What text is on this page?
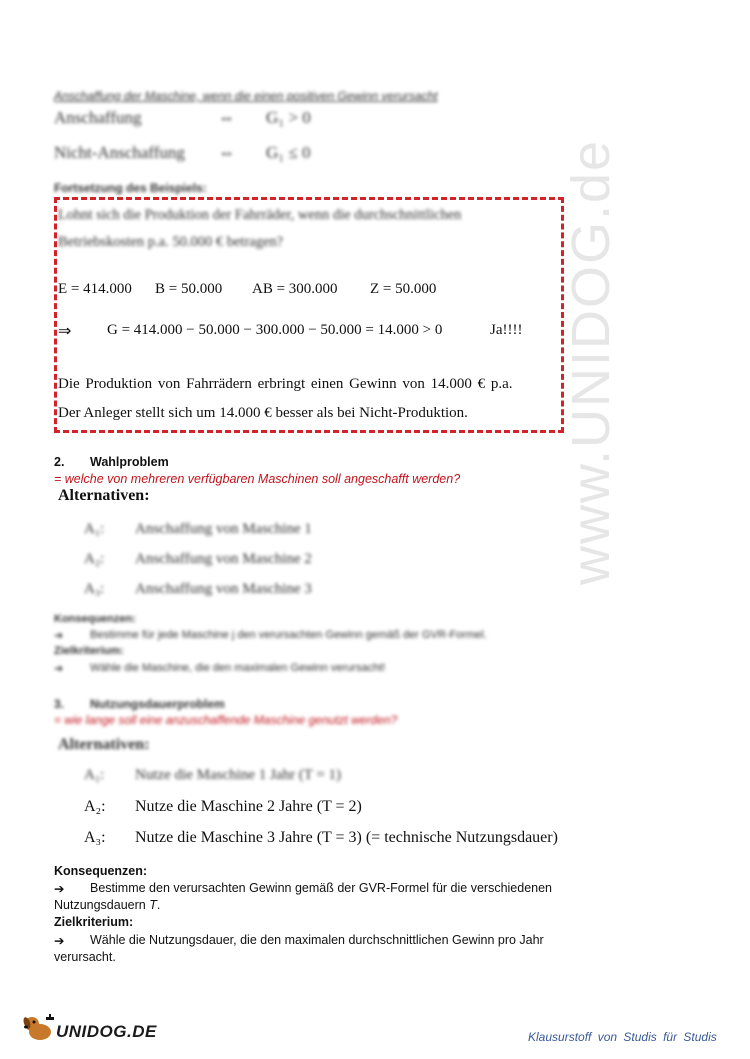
www.UNIDOG.de
Anschaffung der Maschine, wenn die einen positiven Gewinn verursacht
Anschaffung	⇔ G₁ > 0
Nicht-Anschaffung ⇔ G₁ ≤ 0
Fortsetzung des Beispiels:
Lohnt sich die Produktion der Fahrräder, wenn die durchschnittlichen
Betriebskosten p.a. 50.000 € betragen?
E = 414.000 B = 50.000 AB = 300.000 Z = 50.000
⇒ G = 414.000 − 50.000 − 300.000 − 50.000 = 14.000 > 0	Ja!!!!
Die Produktion von Fahrrädern erbringt einen Gewinn von 14.000 € p.a.
Der Anleger stellt sich um 14.000 € besser als bei Nicht-Produktion.
2. Wahlproblem
= welche von mehreren verfügbaren Maschinen soll angeschafft werden?
Alternativen:
A₁: Anschaffung von Maschine 1
A₂: Anschaffung von Maschine 2
A₃: Anschaffung von Maschine 3
Konsequenzen:
➔ Bestimme für jede Maschine j den verursachten Gewinn gemäß der GVR-Formel.
Zielkriterium:
➔ Wähle die Maschine, die den maximalen Gewinn verursacht!
3. Nutzungsdauerproblem
= wie lange soll eine anzuschaffende Maschine genutzt werden?
Alternativen:
A₁: Nutze die Maschine 1 Jahr (T = 1)
A₂: Nutze die Maschine 2 Jahre (T = 2)
A₃: Nutze die Maschine 3 Jahre (T = 3) (= technische Nutzungsdauer)
Konsequenzen:
➔ Bestimme den verursachten Gewinn gemäß der GVR-Formel für die verschiedenen
Nutzungsdauern T.
Zielkriterium:
➔ Wähle die Nutzungsdauer, die den maximalen durchschnittlichen Gewinn pro Jahr
verursacht.
UNIDOG.DE	Klausurstoff von Studis für Studis
